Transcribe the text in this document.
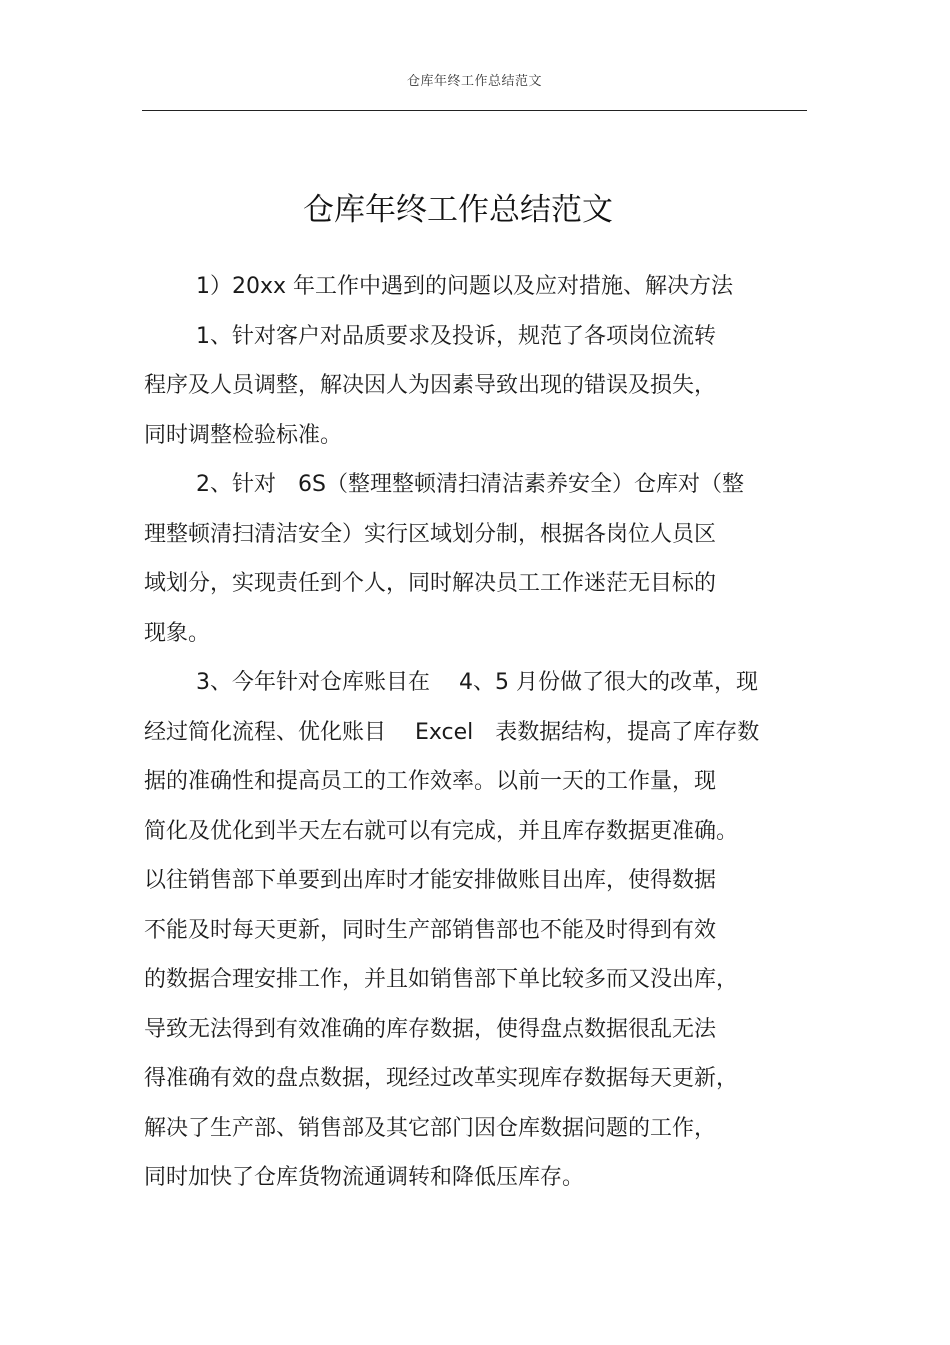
仓库年终工作总结范文
仓库年终工作总结范文
1）20xx 年工作中遇到的问题以及应对措施、解决方法
1、针对客户对品质要求及投诉，规范了各项岗位流转
程序及人员调整，解决因人为因素导致出现的错误及损失，
同时调整检验标准。
2、针对　6S（整理整顿清扫清洁素养安全）仓库对（整
理整顿清扫清洁安全）实行区域划分制，根据各岗位人员区
域划分，实现责任到个人，同时解决员工工作迷茫无目标的
现象。
3、今年针对仓库账目在　 4、5 月份做了很大的改革，现
经过简化流程、优化账目　 Excel　表数据结构，提高了库存数
据的准确性和提高员工的工作效率。以前一天的工作量，现
简化及优化到半天左右就可以有完成，并且库存数据更准确。
以往销售部下单要到出库时才能安排做账目出库，使得数据
不能及时每天更新，同时生产部销售部也不能及时得到有效
的数据合理安排工作，并且如销售部下单比较多而又没出库，
导致无法得到有效准确的库存数据，使得盘点数据很乱无法
得准确有效的盘点数据，现经过改革实现库存数据每天更新，
解决了生产部、销售部及其它部门因仓库数据问题的工作，
同时加快了仓库货物流通调转和降低压库存。
